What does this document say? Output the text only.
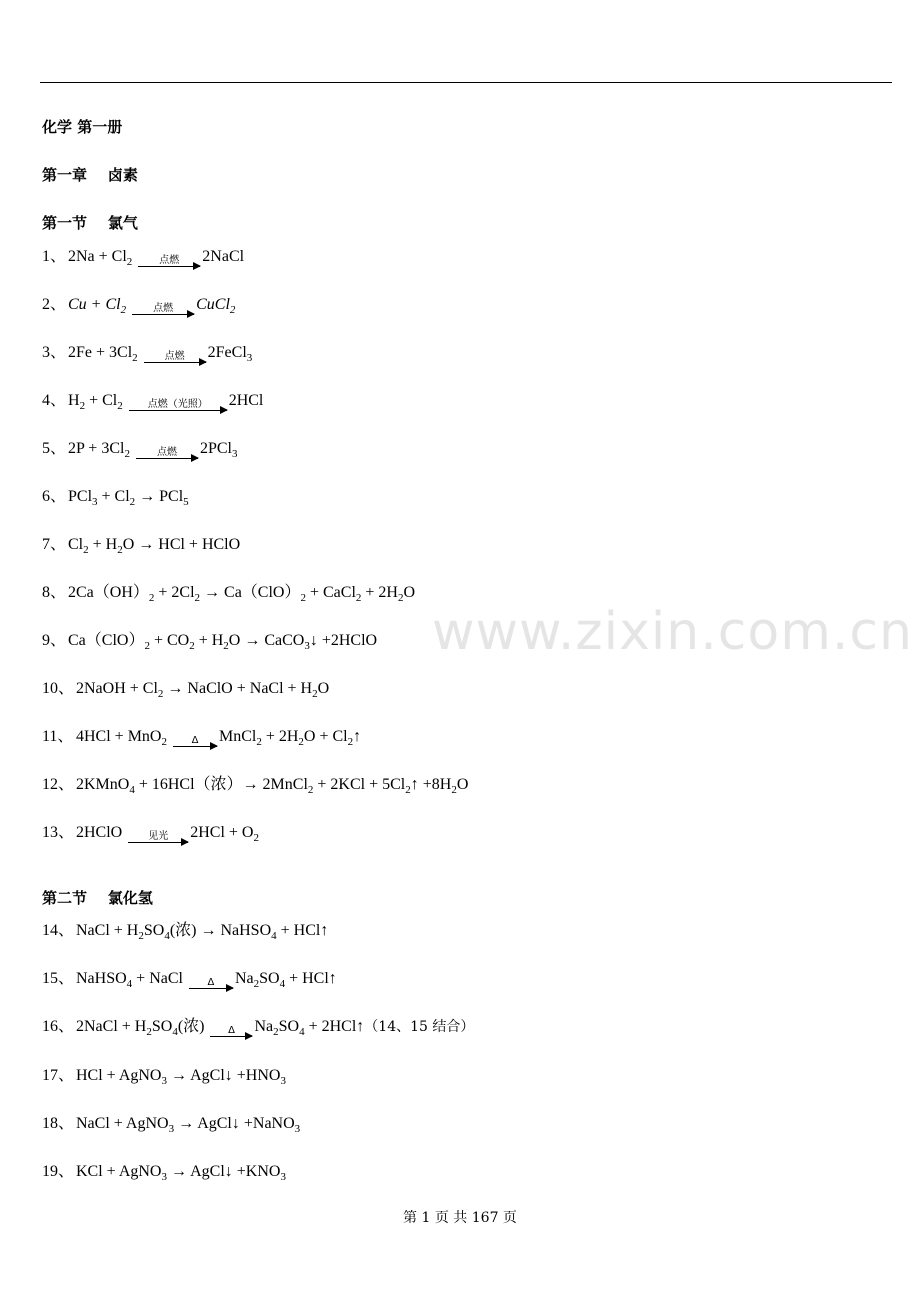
化学 第一册
第一章    卤素
第一节    氯气
1、 $2Na + Cl_2$	点燃 2NaCl
2、 $Cu + Cl_2$	点燃 CuCl$_2$
3、 $2Fe + 3Cl_2$	点燃 2FeCl$_3$
4、 $H_2 + Cl_2$	点燃（光照） 2HCl
5、 $2P + 3Cl_2$	点燃 2PCl$_3$
6、 $PCl_3 + Cl_2 \to PCl_5$
7、 $Cl_2 + H_2O$ → HCl + HClO
8、 $2Ca(OH)_2 + 2Cl_2 \to Ca(ClO)_2$ + CaCl$_2$ + $2H_2O$
9、 $Ca(ClO)_2 + CO_2 + H_2O$ → CaCO$_3$↓ +2HClO
10、 2NaOH + $Cl_2$ → NaClO + NaCl + $H_2O$
11、 4HCl + MnO$_2$ Δ MnCl$_2$ + $2H_2O$ + $Cl_2↑$
12、 2KMnO$_4$ + 16HCl（浓）→ 2MnCl$_2$ + $2KCl + 5Cl_2↑ +8H_2O$
13、 2HClO	见光 $2HCl + O_2$
第二节    氯化氢
14、 NaCl + $H_2SO_4$(浓) → NaHSO$_4$ + HCl↑
15、 NaHSO$_4$ + NaCl Δ $Na_2SO_4$ + HCl↑
16、 2NaCl + $H_2SO_4$(浓) Δ $Na_2SO_4$ + 2HCl↑（14、15 结合）
17、 HCl + AgNO$_3$ → AgCl↓ $+HNO_3$
18、 NaCl + AgNO$_3$ → AgCl↓ +NaNO$_3$
19、 KCl + AgNO$_3$ → AgCl↓ $+KNO_3$
www.zixin.com.cn
第 1 页 共 167 页
